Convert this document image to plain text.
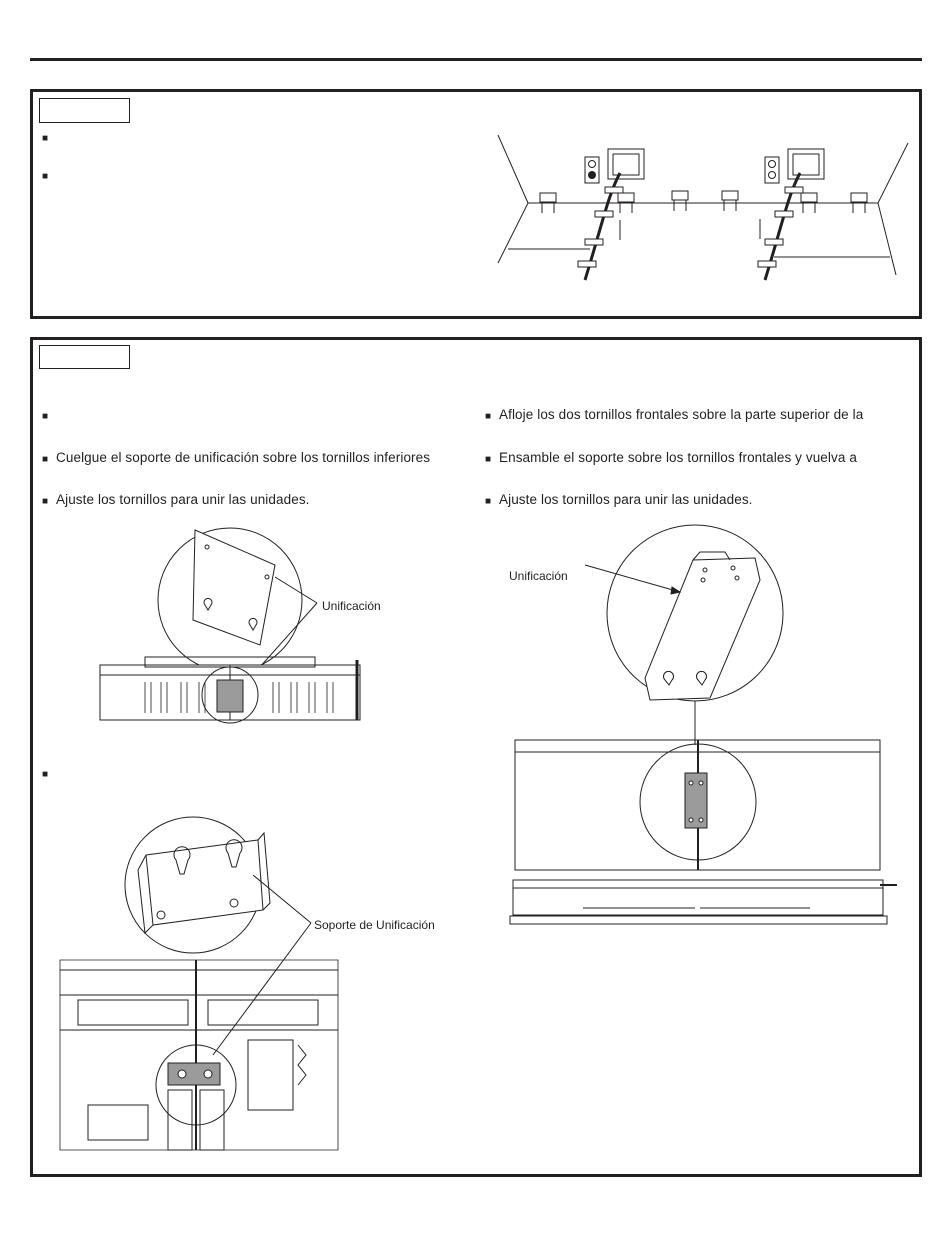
■
■
■
■ Cuelgue el soporte de unificación sobre los tornillos inferiores
■ Ajuste los tornillos para unir las unidades.
■
■ Afloje los dos tornillos frontales sobre la parte superior de la
■ Ensamble el soporte sobre los tornillos frontales y vuelva a
■ Ajuste los tornillos para unir las unidades.
Unificación
Soporte de Unificación
Unificación
